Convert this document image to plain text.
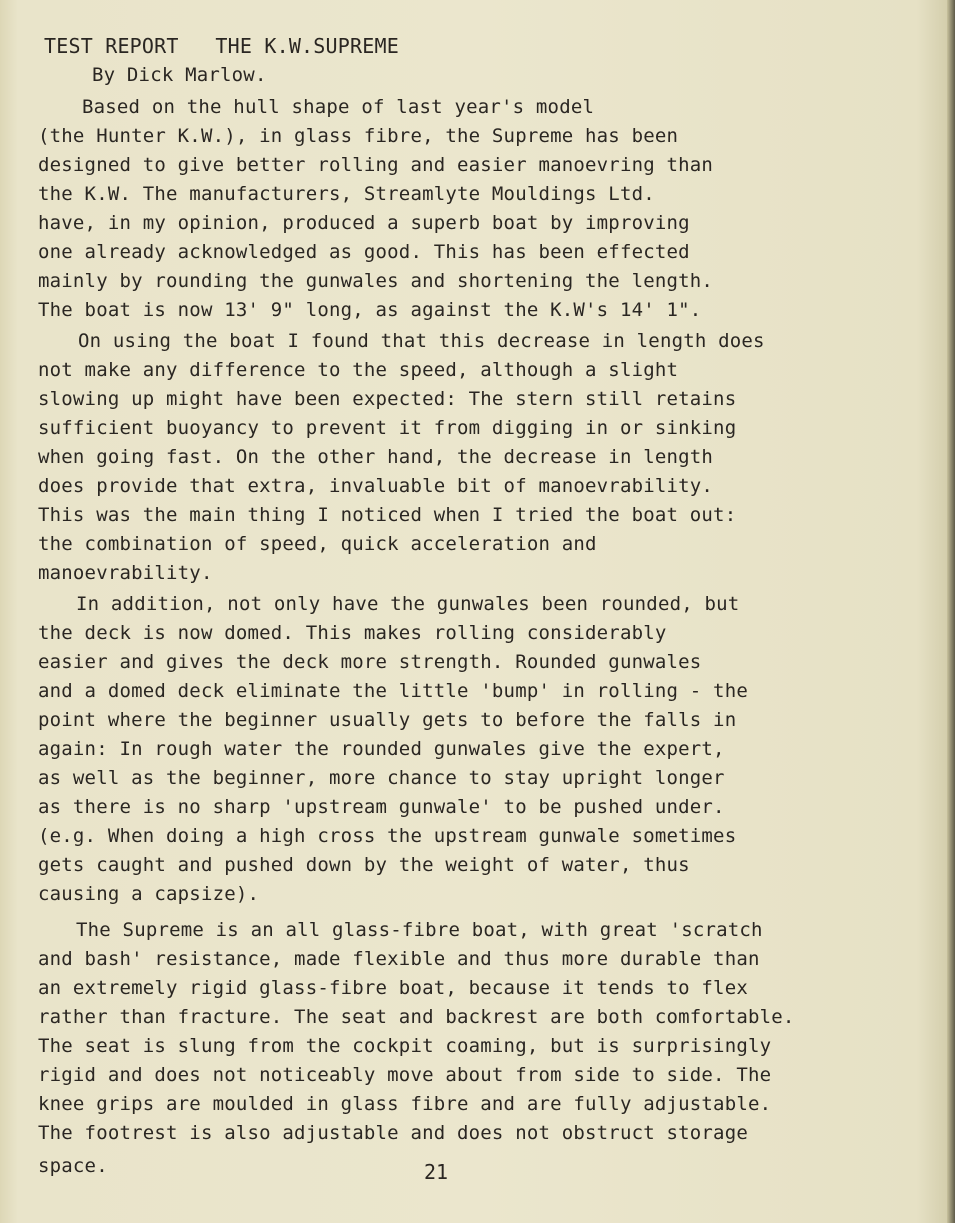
TEST REPORT   THE K.W.SUPREME
By Dick Marlow.
Based on the hull shape of last year's model
(the Hunter K.W.), in glass fibre, the Supreme has been
designed to give better rolling and easier manoevring than
the K.W. The manufacturers, Streamlyte Mouldings Ltd.
have, in my opinion, produced a superb boat by improving
one already acknowledged as good. This has been effected
mainly by rounding the gunwales and shortening the length.
The boat is now 13' 9" long, as against the K.W's 14' 1".
On using the boat I found that this decrease in length does
not make any difference to the speed, although a slight
slowing up might have been expected: The stern still retains
sufficient buoyancy to prevent it from digging in or sinking
when going fast. On the other hand, the decrease in length
does provide that extra, invaluable bit of manoevrability.
This was the main thing I noticed when I tried the boat out:
the combination of speed, quick acceleration and
manoevrability.
In addition, not only have the gunwales been rounded, but
the deck is now domed. This makes rolling considerably
easier and gives the deck more strength. Rounded gunwales
and a domed deck eliminate the little 'bump' in rolling - the
point where the beginner usually gets to before the falls in
again: In rough water the rounded gunwales give the expert,
as well as the beginner, more chance to stay upright longer
as there is no sharp 'upstream gunwale' to be pushed under.
(e.g. When doing a high cross the upstream gunwale sometimes
gets caught and pushed down by the weight of water, thus
causing a capsize).
The Supreme is an all glass-fibre boat, with great 'scratch
and bash' resistance, made flexible and thus more durable than
an extremely rigid glass-fibre boat, because it tends to flex
rather than fracture. The seat and backrest are both comfortable.
The seat is slung from the cockpit coaming, but is surprisingly
rigid and does not noticeably move about from side to side. The
knee grips are moulded in glass fibre and are fully adjustable.
The footrest is also adjustable and does not obstruct storage
space.	21
